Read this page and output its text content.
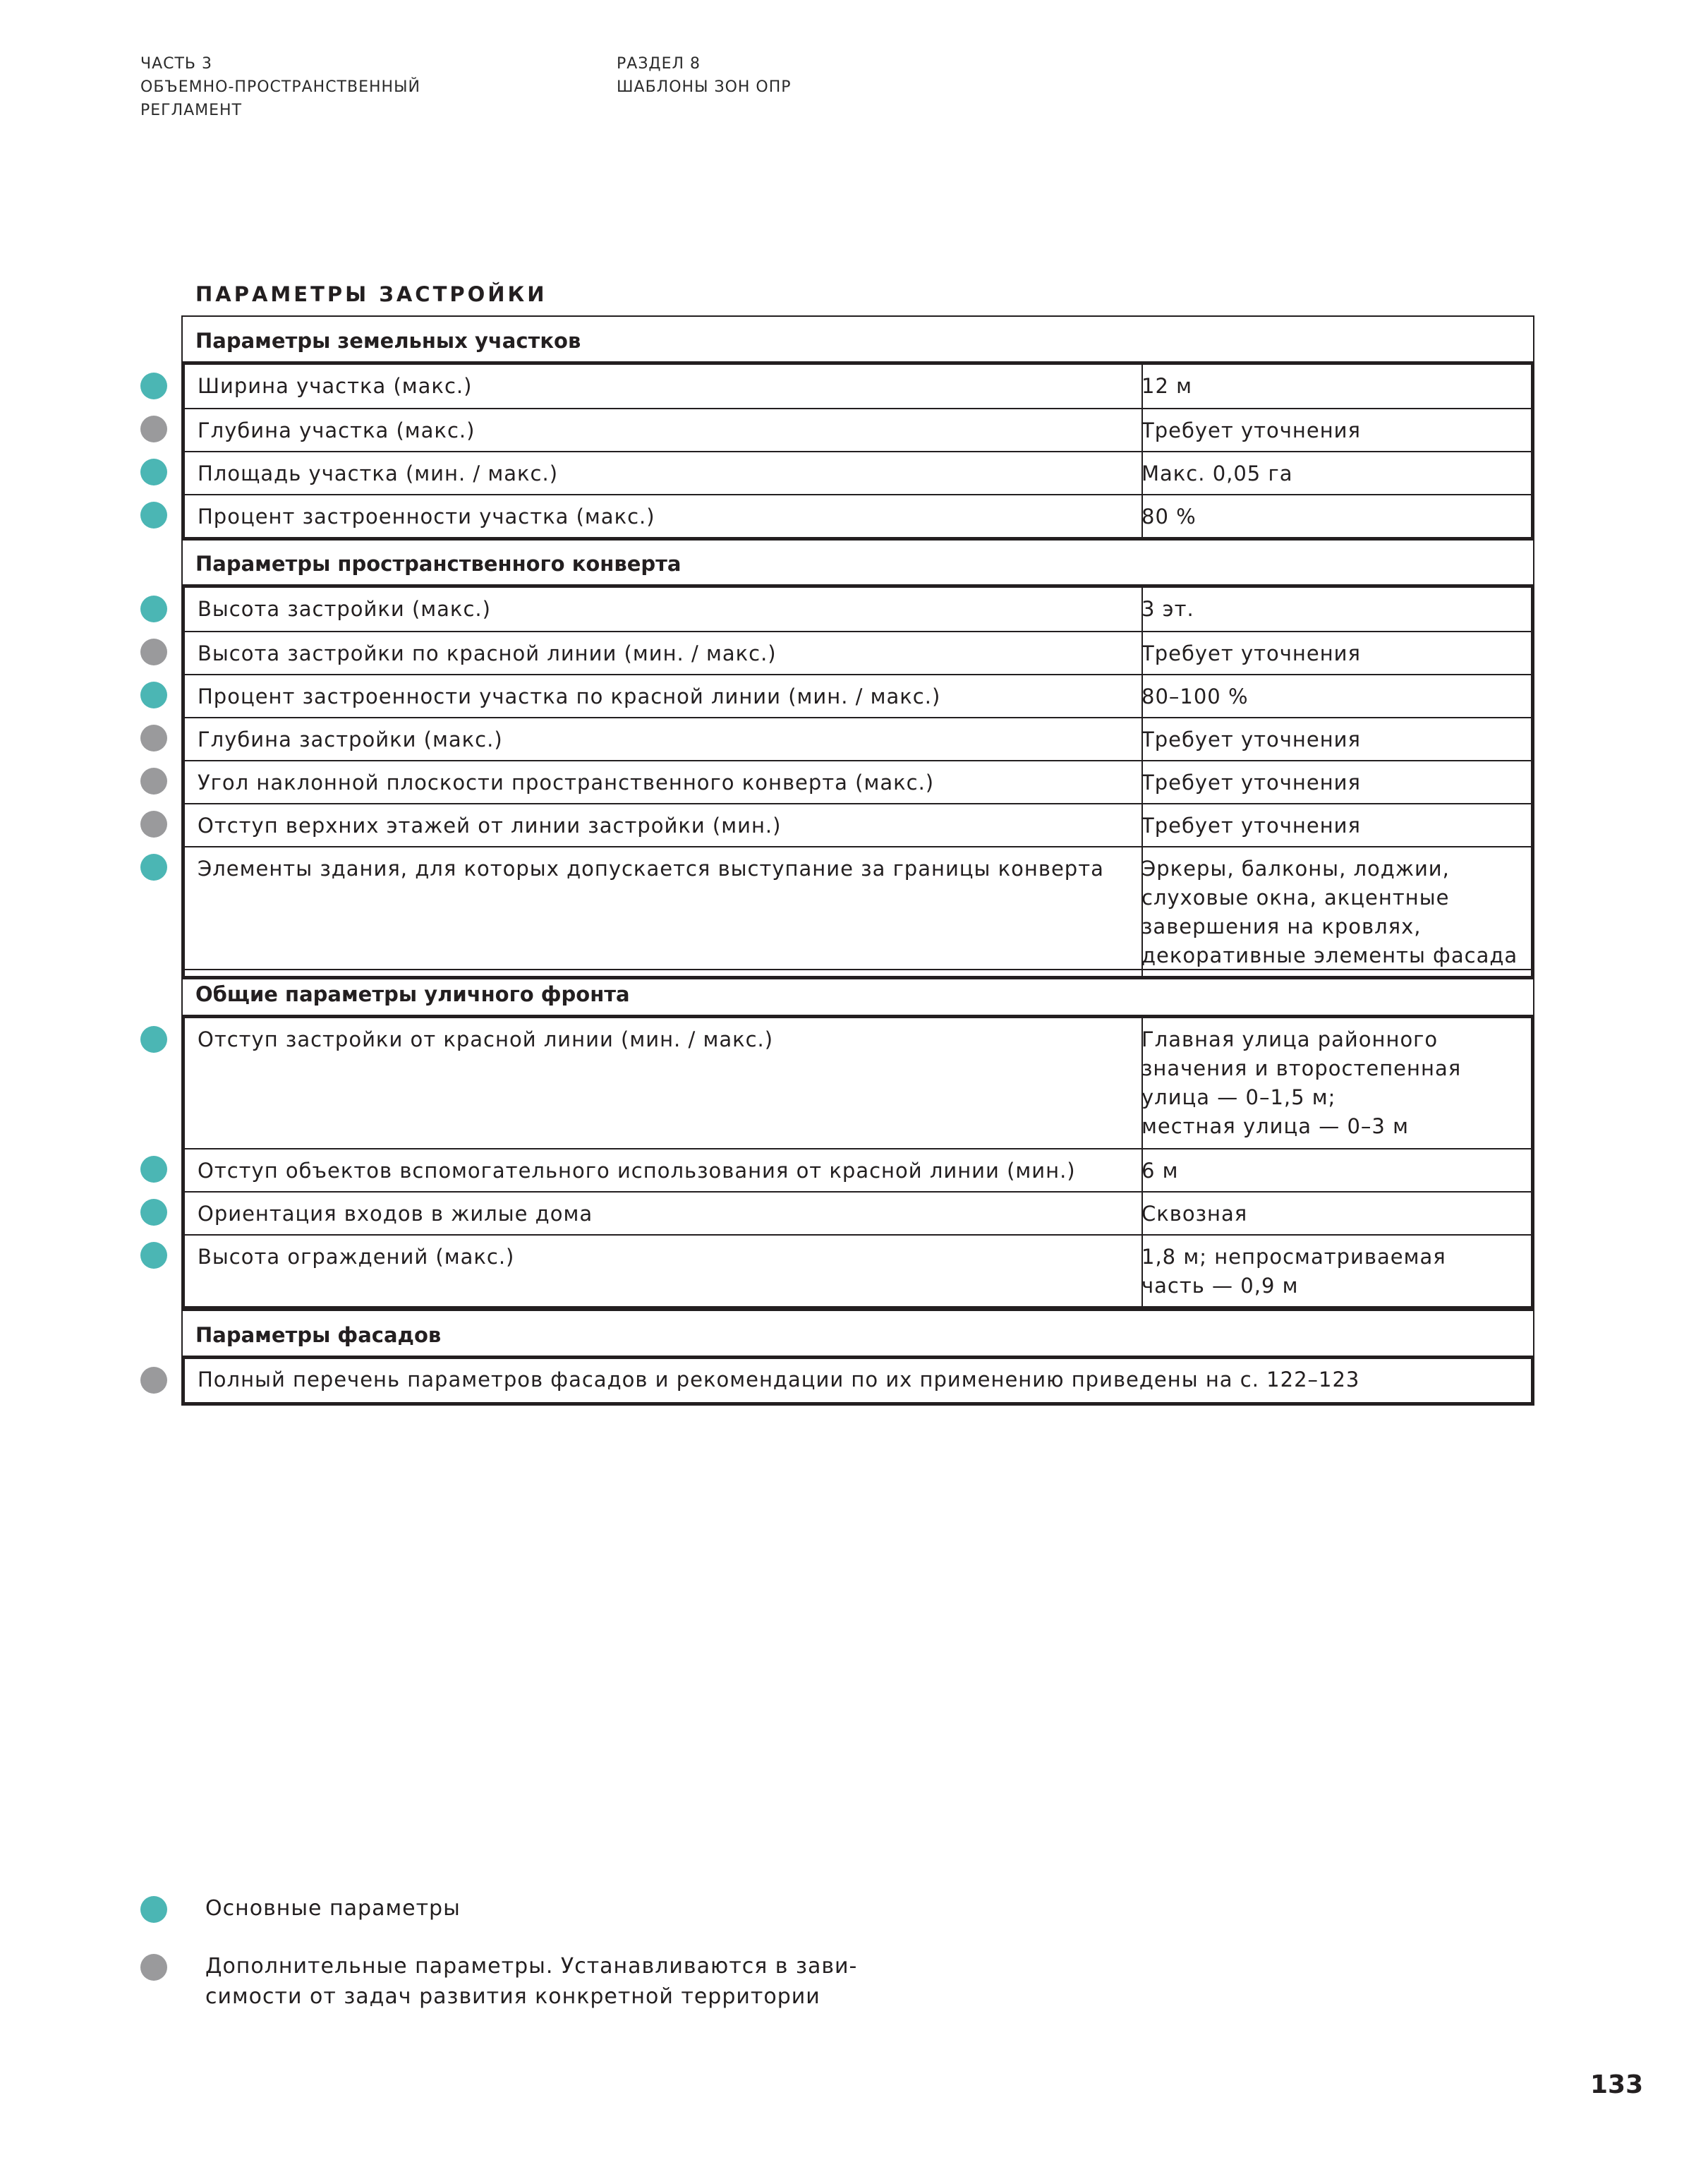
ЧАСТЬ 3
ОБЪЕМНО-ПРОСТРАНСТВЕННЫЙ
РЕГЛАМЕНТ
РАЗДЕЛ 8
ШАБЛОНЫ ЗОН ОПР
ПАРАМЕТРЫ ЗАСТРОЙКИ
Параметры земельных участков
Ширина участка (макс.)	12 м
Глубина участка (макс.)	Требует уточнения
Площадь участка (мин. / макс.)	Макс. 0,05 га
Процент застроенности участка (макс.)	80 %
Параметры пространственного конверта
Высота застройки (макс.)	3 эт.
Высота застройки по красной линии (мин. / макс.)	Требует уточнения
Процент застроенности участка по красной линии (мин. / макс.)	80–100 %
Глубина застройки (макс.)	Требует уточнения
Угол наклонной плоскости пространственного конверта (макс.)	Требует уточнения
Отступ верхних этажей от линии застройки (мин.)	Требует уточнения
Элементы здания, для которых допускается выступание за границы конверта	Эркеры, балконы, лоджии,
слуховые окна, акцентные
завершения на кровлях,
декоративные элементы фасада
Общие параметры уличного фронта
Отступ застройки от красной линии (мин. / макс.)	Главная улица районного
значения и второстепенная
улица — 0–1,5 м;
местная улица — 0–3 м
Отступ объектов вспомогательного использования от красной линии (мин.)	6 м
Ориентация входов в жилые дома	Сквозная
Высота ограждений (макс.)	1,8 м; непросматриваемая
часть — 0,9 м
Параметры фасадов
Полный перечень параметров фасадов и рекомендации по их применению приведены на с. 122–123
Основные параметры
Дополнительные параметры. Устанавливаются в зави-
симости от задач развития конкретной территории
133
